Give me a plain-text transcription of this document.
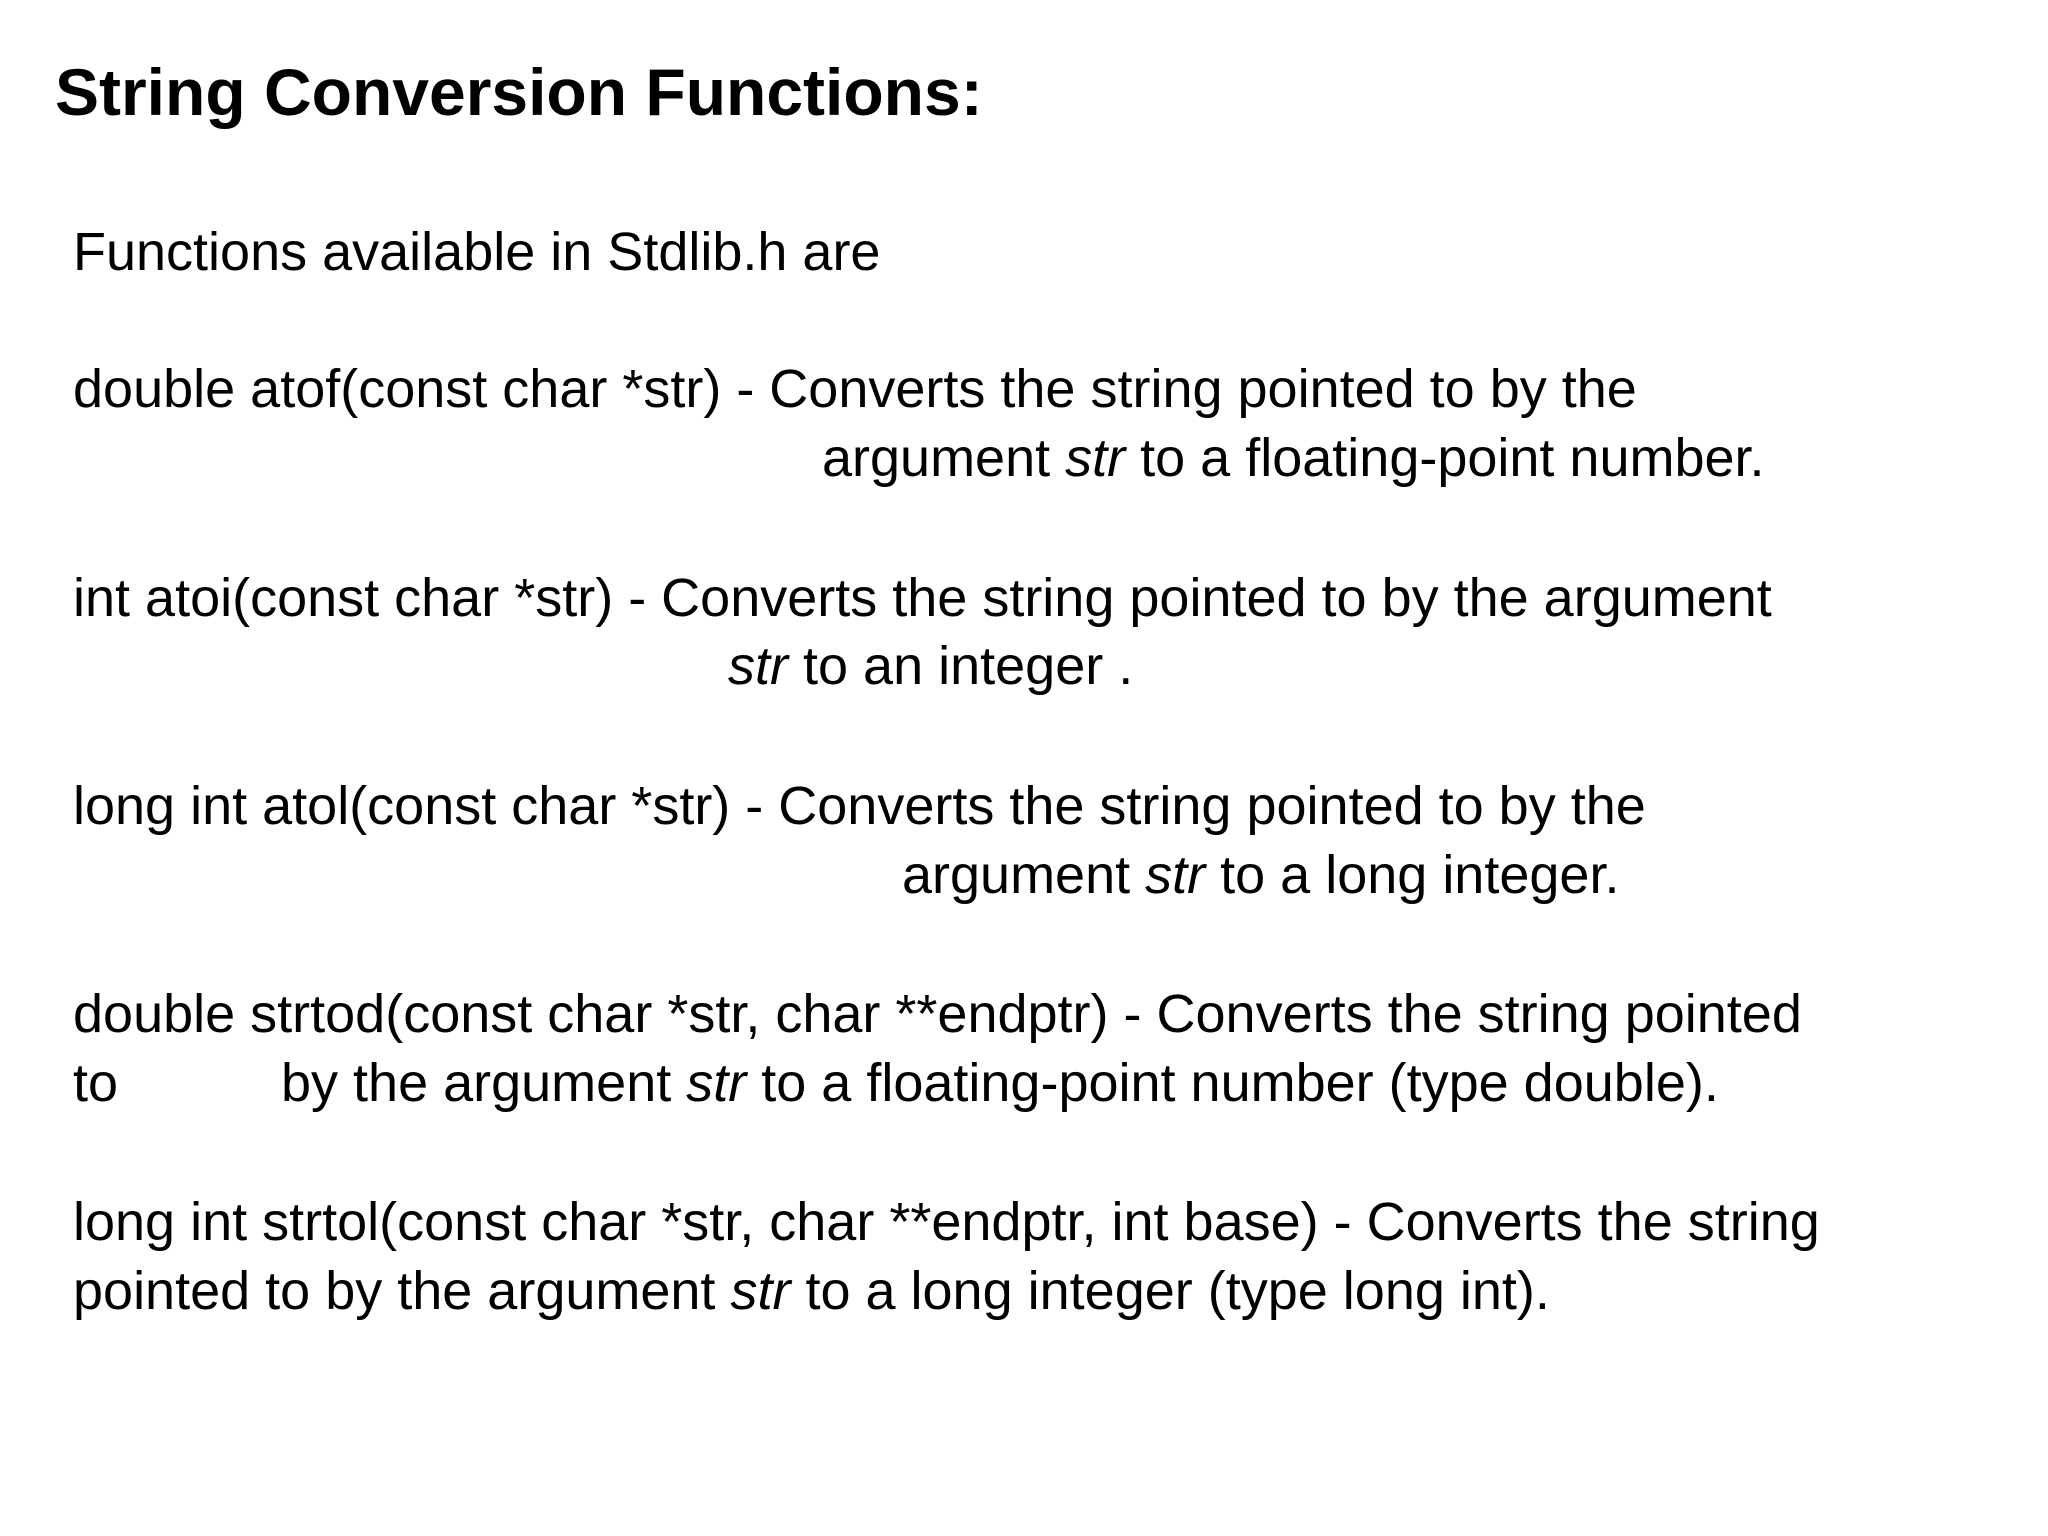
String Conversion Functions:
Functions available in Stdlib.h are
double atof(const char *str) - Converts the string pointed to by the
argument str to a floating-point number.
int atoi(const char *str) - Converts the string pointed to by the argument
str to an integer .
long int atol(const char *str) - Converts the string pointed to by the
argument str to a long integer.
double strtod(const char *str, char **endptr) - Converts the string pointed
to	by the argument str to a floating-point number (type double).
long int strtol(const char *str, char **endptr, int base) - Converts the string
pointed to by the argument str to a long integer (type long int).
